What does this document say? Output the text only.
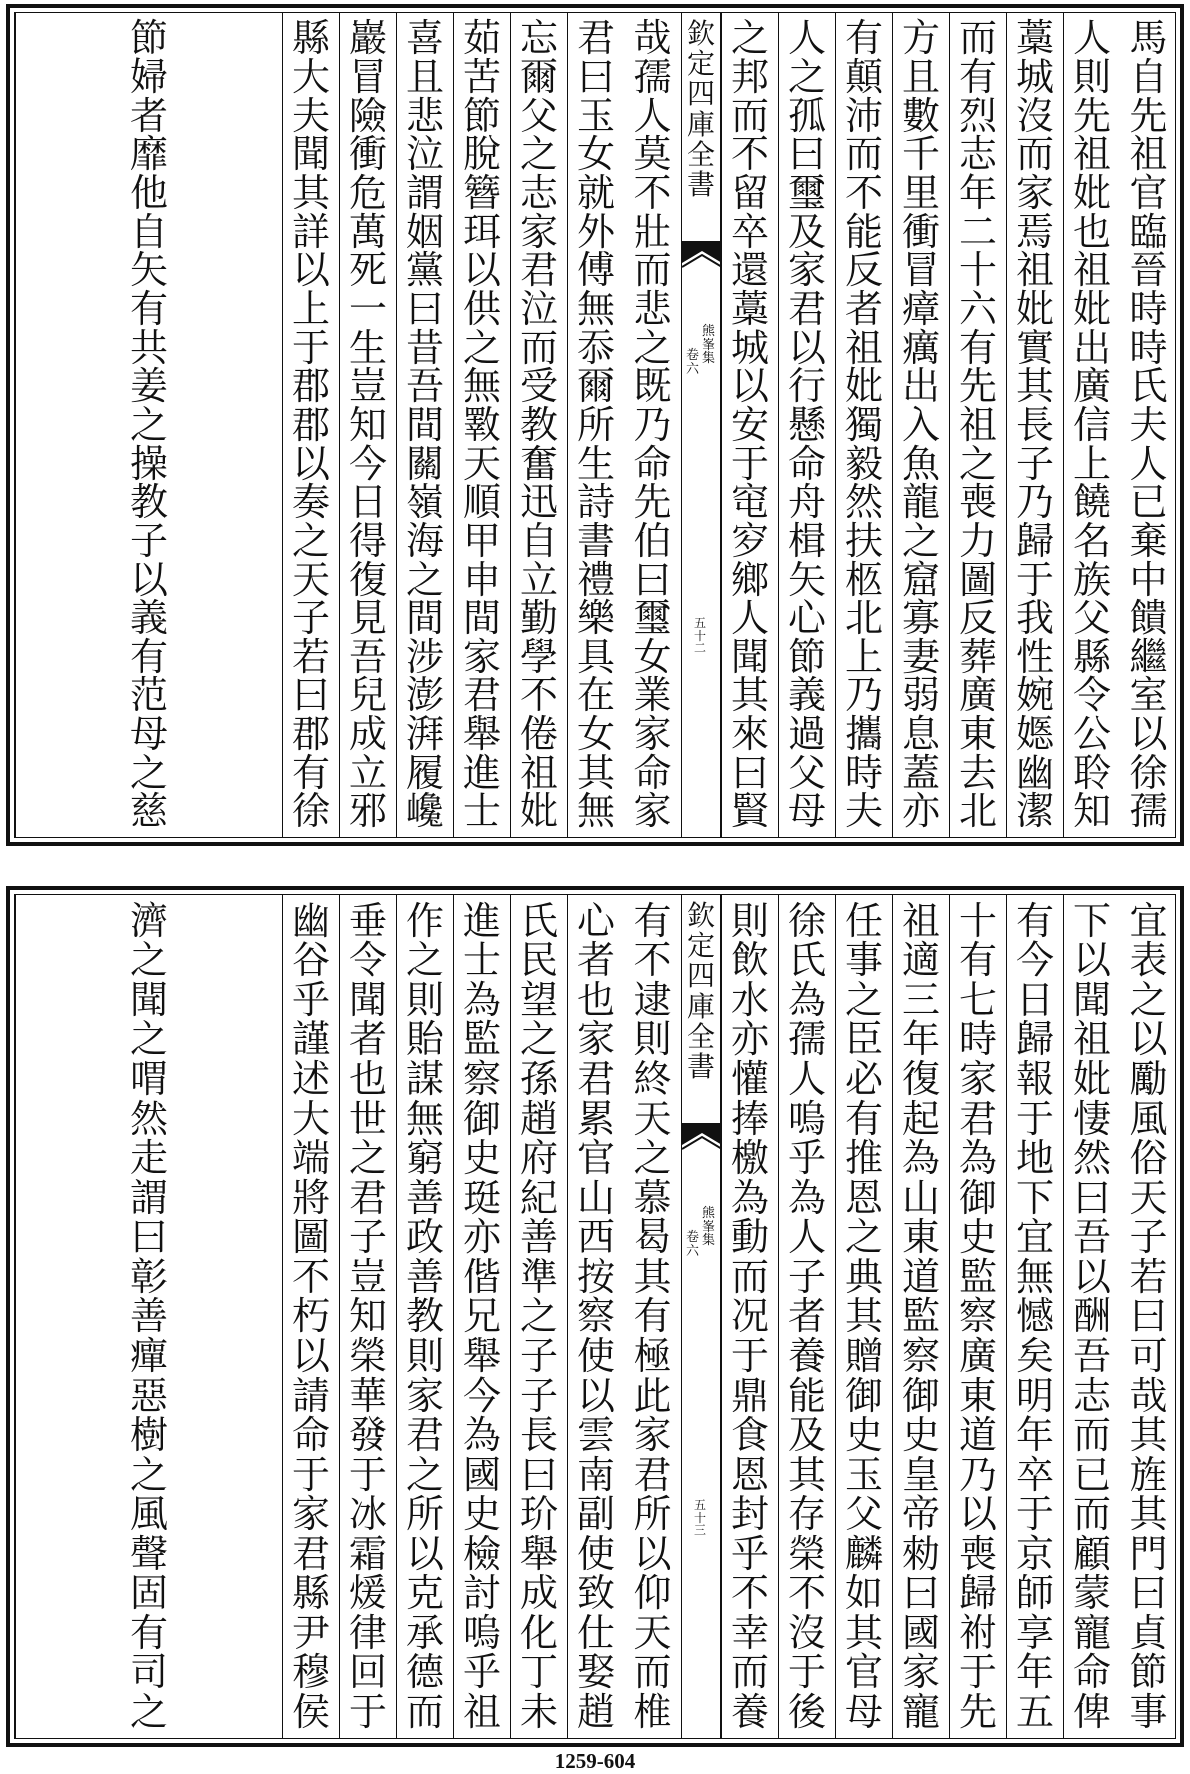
馬
自
先
祖
官
臨
晉
時
時
氏
夫
人
已
棄
中
饋
繼
室
以
徐
孺
人
則
先
祖
妣
也
祖
妣
出
廣
信
上
饒
名
族
父
縣
令
公
聆
知
藁
城
沒
而
家
焉
祖
妣
實
其
長
子
乃
歸
于
我
性
婉
嫕
幽
潔
而
有
烈
志
年
二
十
六
有
先
祖
之
喪
力
圖
反
葬
廣
東
去
北
方
且
數
千
里
衝
冒
瘴
癘
出
入
魚
龍
之
窟
寡
妻
弱
息
蓋
亦
有
顛
沛
而
不
能
反
者
祖
妣
獨
毅
然
扶
柩
北
上
乃
攜
時
夫
人
之
孤
曰
璽
及
家
君
以
行
懸
命
舟
楫
矢
心
節
義
過
父
母
之
邦
而
不
留
卒
還
藁
城
以
安
于
窀
穸
鄉
人
聞
其
來
曰
賢
欽
定
四
庫
全
書
熊
峯
集
卷
六
五
十
二
哉
孺
人
莫
不
壯
而
悲
之
既
乃
命
先
伯
曰
璽
女
業
家
命
家
君
曰
玉
女
就
外
傅
無
忝
爾
所
生
詩
書
禮
樂
具
在
女
其
無
忘
爾
父
之
志
家
君
泣
而
受
教
奮
迅
自
立
勤
學
不
倦
祖
妣
茹
苦
節
脫
簪
珥
以
供
之
無
斁
天
順
甲
申
間
家
君
舉
進
士
喜
且
悲
泣
謂
姻
黨
曰
昔
吾
間
關
嶺
海
之
間
涉
澎
湃
履
巉
巖
冒
險
衝
危
萬
死
一
生
豈
知
今
日
得
復
見
吾
兒
成
立
邪
縣
大
夫
聞
其
詳
以
上
于
郡
郡
以
奏
之
天
子
若
曰
郡
有
徐
節
婦
者
靡
他
自
矢
有
共
姜
之
操
教
子
以
義
有
范
母
之
慈
宜
表
之
以
勵
風
俗
天
子
若
曰
可
哉
其
旌
其
門
曰
貞
節
事
下
以
聞
祖
妣
悽
然
曰
吾
以
酬
吾
志
而
已
而
顧
蒙
寵
命
俾
有
今
日
歸
報
于
地
下
宜
無
憾
矣
明
年
卒
于
京
師
享
年
五
十
有
七
時
家
君
為
御
史
監
察
廣
東
道
乃
以
喪
歸
祔
于
先
祖
適
三
年
復
起
為
山
東
道
監
察
御
史
皇
帝
勑
曰
國
家
寵
任
事
之
臣
必
有
推
恩
之
典
其
贈
御
史
玉
父
麟
如
其
官
母
徐
氏
為
孺
人
嗚
乎
為
人
子
者
養
能
及
其
存
榮
不
沒
于
後
則
飲
水
亦
懽
捧
檄
為
動
而
况
于
鼎
食
恩
封
乎
不
幸
而
養
欽
定
四
庫
全
書
熊
峯
集
卷
六
五
十
三
有
不
逮
則
終
天
之
慕
曷
其
有
極
此
家
君
所
以
仰
天
而
椎
心
者
也
家
君
累
官
山
西
按
察
使
以
雲
南
副
使
致
仕
娶
趙
氏
民
望
之
孫
趙
府
紀
善
準
之
子
子
長
曰
玠
舉
成
化
丁
未
進
士
為
監
察
御
史
珽
亦
偕
兄
舉
今
為
國
史
檢
討
嗚
乎
祖
作
之
則
貽
謀
無
窮
善
政
善
教
則
家
君
之
所
以
克
承
德
而
垂
令
聞
者
也
世
之
君
子
豈
知
榮
華
發
于
冰
霜
煖
律
回
于
幽
谷
乎
謹
述
大
端
將
圖
不
朽
以
請
命
于
家
君
縣
尹
穆
侯
濟
之
聞
之
喟
然
走
謂
曰
彰
善
癉
惡
樹
之
風
聲
固
有
司
之
1259-604
